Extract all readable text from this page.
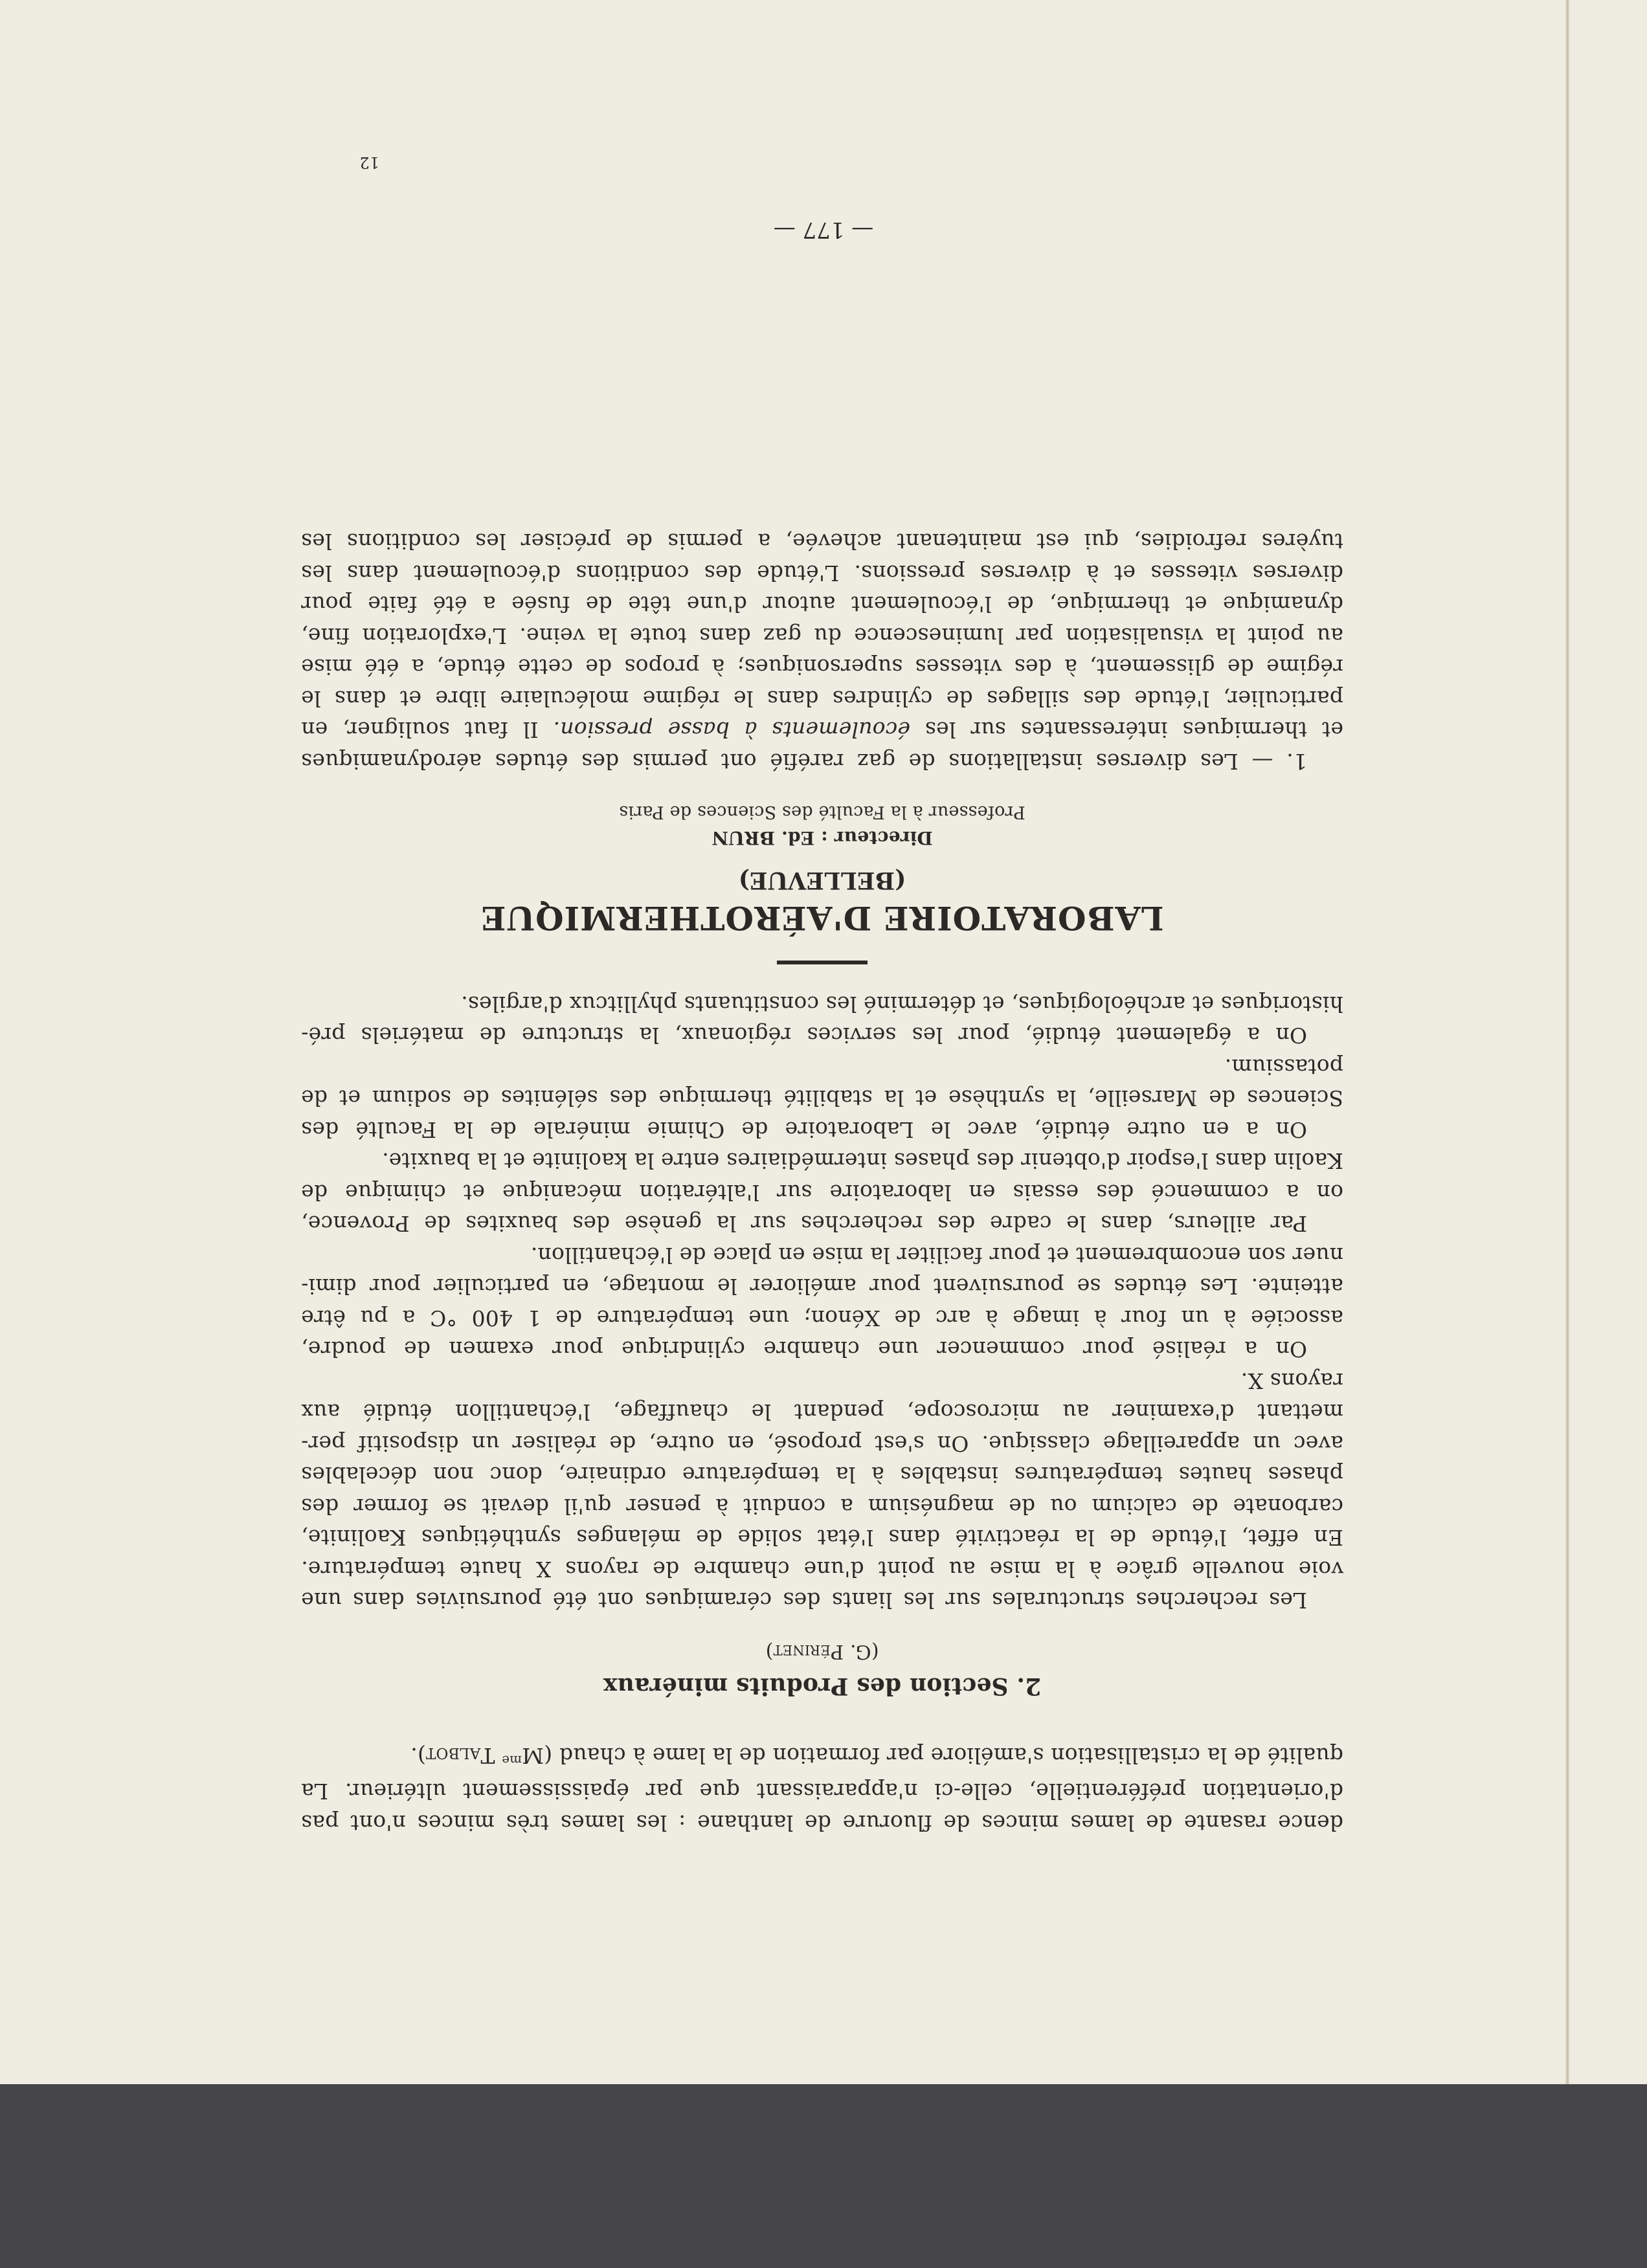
dence rasante de lames minces de fluorure de lanthane : les lames très minces n'ont pas
d'orientation préférentielle, celle-ci n'apparaissant que par épaississement ultérieur. La
qualité de la cristallisation s'améliore par formation de la lame à chaud ($M^{me}$ Talbot).

2. Section des Produits minéraux
(G. Périnet)

Les recherches structurales sur les liants des céramiques ont été poursuivies dans une

voie nouvelle grâce à la mise au point d'une chambre de rayons X haute température.
En effet, l'étude de la réactivité dans l'état solide de mélanges synthétiques Kaolinite,
carbonate de calcium ou de magnésium a conduit à penser qu'il devait se former des
phases hautes températures instables à la température ordinaire, donc non décelables
avec un appareillage classique. On s'est proposé, en outre, de réaliser un dispositif per-
mettant d'examiner au microscope, pendant le chauffage, l'échantillon étudié aux
rayons X.

On a réalisé pour commencer une chambre cylindrique pour examen de poudre,

associée à un four à image à arc de Xénon; une température de 1 400 °C a pu être
atteinte. Les études se poursuivent pour améliorer le montage, en particulier pour dimi-
nuer son encombrement et pour faciliter la mise en place de l'échantillon.

Par ailleurs, dans le cadre des recherches sur la genèse des bauxites de Provence,

on a commencé des essais en laboratoire sur l'altération mécanique et chimique de
Kaolin dans l'espoir d'obtenir des phases intermédiaires entre la kaolinite et la bauxite.

On a en outre étudié, avec le Laboratoire de Chimie minérale de la Faculté des

Sciences de Marseille, la synthèse et la stabilité thermique des sélénites de sodium et de
potassium.

On a également étudié, pour les services régionaux, la structure de matériels pré-

historiques et archéologiques, et déterminé les constituants phyllitcux d'argiles.

LABORATOIRE D'AÉROTHERMIQUE
(BELLEVUE)
Directeur : Ed. BRUN
Professeur à la Faculté des Sciences de Paris

1. — Les diverses installations de gaz raréfié ont permis des études aérodynamiques

et thermiques intéressantes sur les écoulements à basse pression. Il faut souligner, en
particulier, l'étude des sillages de cylindres dans le régime moléculaire libre et dans le
régime de glissement, à des vitesses supersoniques; à propos de cette étude, a été mise
au point la visualisation par luminescence du gaz dans toute la veine. L'exploration fine,
dynamique et thermique, de l'écoulement autour d'une tête de fusée a été faite pour
diverses vitesses et à diverses pressions. L'étude des conditions d'écoulement dans les
tuyères refroidies, qui est maintenant achevée, a permis de préciser les conditions les

— 177 —
12
